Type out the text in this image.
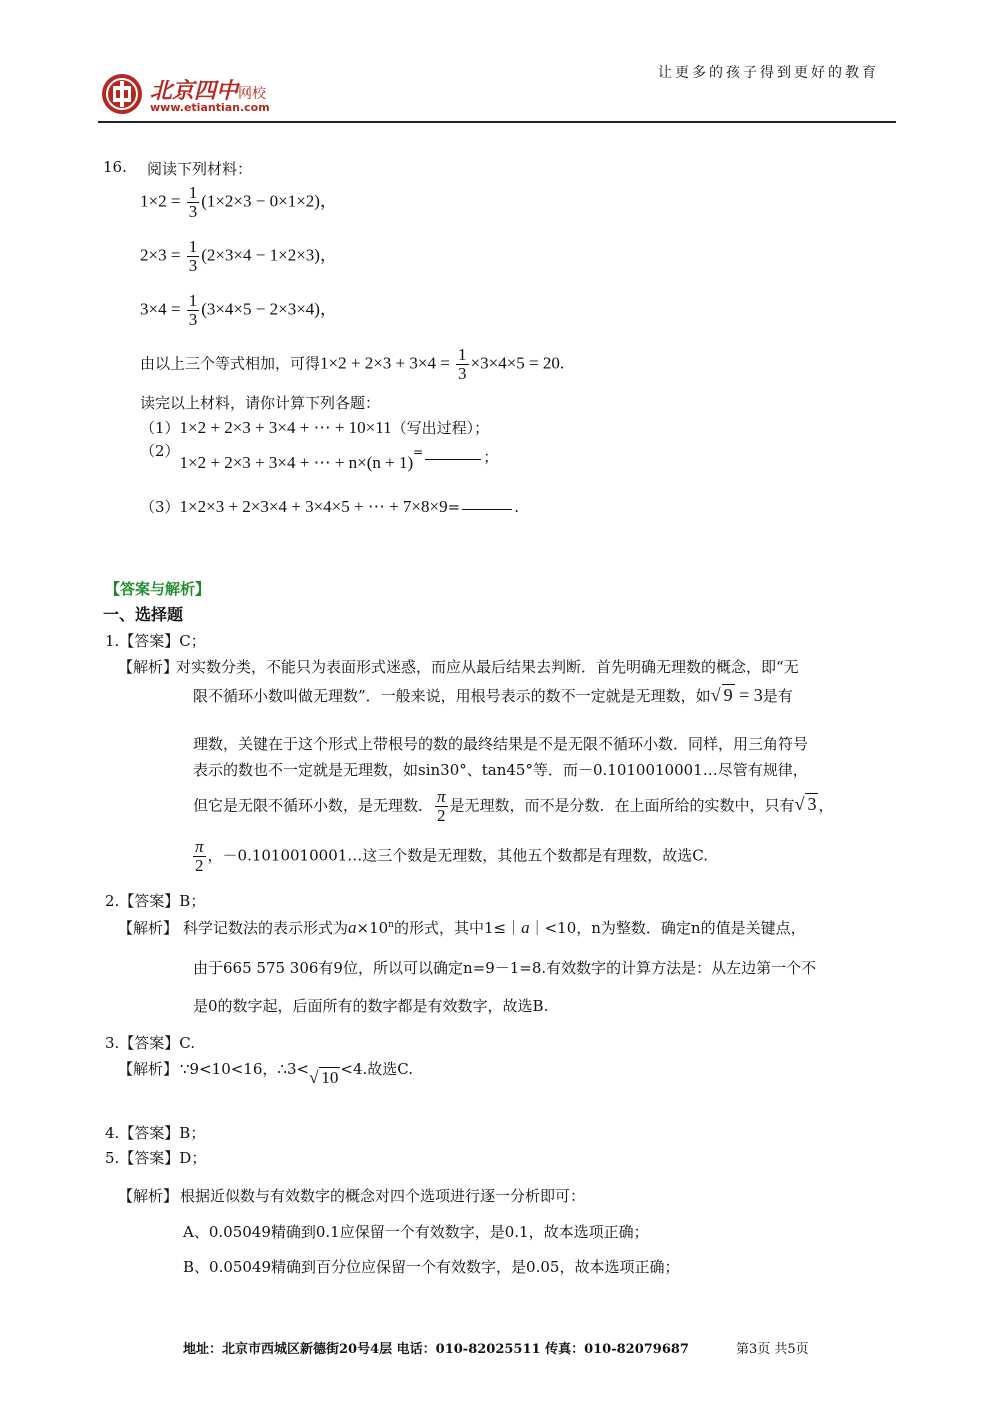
北京四中网校
www.etiantian.com
让更多的孩子得到更好的教育
16. 阅读下列材料：
$1\times 2 = \frac{1}{3} (1\times 2\times 3 - 0\times 1\times 2)$，
$2\times 3 = \frac{1}{3} (2\times 3\times 4 - 1\times 2\times 3)$，
$3\times 4 = \frac{1}{3} (3\times 4\times 5 - 2\times 3\times 4)$，
由以上三个等式相加，可得$1\times 2 + 2\times 3 + 3\times 4 = \frac{1}{3} \times 3\times 4\times 5 = 20$.
读完以上材料，请你计算下列各题：
（1）1×2 + 2×3 + 3×4 + ⋯ + 10×11（写出过程）；
（2）1×2 + 2×3 + 3×4 + ⋯ + n×(n + 1)=	；
（3）1×2×3 + 2×3×4 + 3×4×5 + ⋯ + 7×8×9=	.
【答案与解析】
一、选择题
1.【答案】C；
【解析】
对实数分类，不能只为表面形式迷惑，而应从最后结果去判断．首先明确无理数的概念，即“无
限不循环小数叫做无理数”．一般来说，用根号表示的数不一定就是无理数，如√ 9 = 3是有
理数，关键在于这个形式上带根号的数的最终结果是不是无限不循环小数．同样，用三角符号
表示的数也不一定就是无理数，如sin30°、tan45°等．而－0.1010010001…尽管有规律，
但它是无限不循环小数，是无理数． $\frac{\pi}{2}$ 是无理数，而不是分数．在上面所给的实数中，只有√ 3 ，
$\frac{\pi}{2}$ ，－0.1010010001…这三个数是无理数，其他五个数都是有理数，故选C.
2.【答案】B；
【解析】 科学记数法的表示形式为$a\times 10^n$的形式，其中1≤｜a｜<10，n为整数．确定n的值是关键点，
由于665 575 306有9位，所以可以确定n=9－1=8.有效数字的计算方法是：从左边第一个不
是0的数字起，后面所有的数字都是有效数字，故选B.
3.【答案】C.
【解析】 ∵9<10<16，∴3<√ 10 <4.故选C.
4.【答案】B；
5.【答案】D；
【解析】 根据近似数与有效数字的概念对四个选项进行逐一分析即可：
A、0.05049精确到0.1应保留一个有效数字，是0.1，故本选项正确；
B、0.05049精确到百分位应保留一个有效数字，是0.05，故本选项正确；
地址：北京市西城区新德街20号4层 电话：010-82025511 传真：010-82079687	第3页 共5页
